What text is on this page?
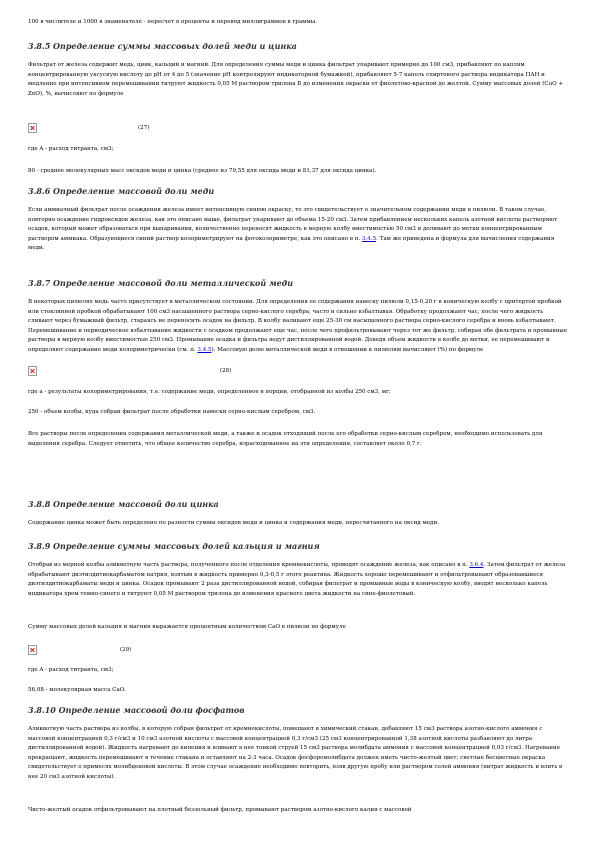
100 в числителе и 1000 в знаменателе - пересчет в проценты и перевод миллиграммов в граммы.

3.8.5 Определение суммы массовых долей меди и цинка

Фильтрат от железа содержит медь, цинк, кальций и магний. Для определения суммы меди и цинка фильтрат упаривают примерно до 100 см3, прибавляют по каплям концентрированную уксусную кислоту до pH от 4 до 5 (значение pH контролируют индикаторной бумажкой), прибавляют 5-7 капель спиртового раствора индикатора ПАН и медленно при интенсивном перемешивании титруют жидкость 0,05 М раствором трилона Б до изменения окраски от фиолетово-красной до желтой. Сумму массовых долей (CuO + ZnO), %, вычисляют по формуле

(27)

где A - расход титранта, см3;

80 - среднее молекулярных масс оксидов меди и цинка (среднее из 79,55 для оксида меди и 81,37 для оксида цинка).

3.8.6 Определение массовой доли меди

Если аммиачный фильтрат после осаждения железа имеет интенсивную синюю окраску, то это свидетельствует о значительном содержании меди в пилюли. В таком случае, повторно осаждение гидроксидов железа, как это описано выше, фильтрат упаривают до объема 15-20 см3. Затем прибавлением нескольких капель азотной кислоты растворяют осадок, который может образоваться при выпаривании, количественно переносят жидкость в мерную колбу вместимостью 50 см3 и доливают до метки концентрированным раствором аммиака. Образующиеся синий раствор колориметрируют на фотоколориметре, как это описано в п. 3.4.5. Там же приведена и формула для вычисления содержания меди.

3.8.7 Определение массовой доли металлической меди

В некоторых пилюлях медь часто присутствует в металлическом состоянии. Для определения ее содержания навеску пилюли 0,15-0,20 г в коническую колбу с притертой пробкой или стеклянной пробкой обрабатывают 100 см3 насыщенного раствора серно-кислого серебра, часто и сильно взбалтывая. Обработку продолжают час, после чего жидкость сливают через бумажный фильтр, стараясь не переносить осадок на фильтр. В колбу наливают еще 25-30 см насыщенного раствора серно-кислого серебра и вновь взбалтывают. Перемешивание и периодическое взбалтывание жидкости с осадком продолжают еще час, после чего профильтровывают через тот же фильтр, собирая обе фильтрата и промывные растворы в мерную колбу вместимостью 250 см3. Промывание осадка и фильтра ведут дистиллированной водой. Доведя объем жидкости в колбе до метки, ее перемешивают и определяют содержание меди колориметрически (см. п. 3.4.5). Массовую долю металлической меди в отношении к пилюлям вычисляют (%) по формуле

(28)

где a - результаты колориметрирования, т.е. содержание меди, определенное в порции, отобранной из колбы 250 см3, мг;

250 - объем колбы, куда собран фильтрат после обработки навески серно-кислым серебром, см3.

Все растворы после определения содержания металлической меди, а также и осадок отходящий после его обработки серно-кислым серебром, необходимо использовать для выделения серебра. Следует отметить, что общее количество серебра, израсходованное на эти определения, составляет около 0,7 г.

3.8.8 Определение массовой доли цинка

Содержание цинка может быть определено по разности суммы оксидов меди и цинка и содержания меди, пересчитанного на оксид меди.

3.8.9 Определение суммы массовых долей кальция и магния

Отобрав из мерной колбы аликвотную часть раствора, полученного после отделения кремнекислоты, проводят осаждение железа, как описано в п. 3.6.4. Затем фильтрат от железа обрабатывают диэтилдитиокарбаматом натрия, взятым в жидкость примерно 0,3-0,5 г этого реактива. Жидкость хорошо перемешивают и отфильтровывают образовавшиеся диэтилдитиокарбаматы меди и цинка. Осадок промывают 2 раза дистиллированной водой, собирая фильтрат и промывные воды в коническую колбу, вводят несколько капель индикатора хром темно-синего и титруют 0,05 М раствором трилона до изменения красного цвета жидкости на сине-фиолетовый.

Сумму массовых долей кальция и магния выражается процентным количеством CaO в пилюли по формуле

(29)

где A - расход титранта, см3;

56,08 - молекулярная масса CaO.

3.8.10 Определение массовой доли фосфатов

Аликвотную часть раствора из колбы, в которую собран фильтрат от кремнекислоты, помещают в химический стакан, добавляют 15 см3 раствора азотно-кислого аммония с массовой концентрацией 0,3 г/см3 и 10 см3 азотной кислоты с массовой концентрацией 0,3 г/см3 (25 см3 концентрированной 1,38 азотной кислоты разбавляют до литра дистиллированной водой). Жидкость нагревают до кипения и вливают в нее тонкой струей 15 см3 раствора молибдата аммония с массовой концентрацией 0,03 г/см3. Нагревание прекращают, жидкость перемешивают в течение стакана и оставляют на 2-3 часа. Осадок фосфоромолибдата должен иметь чисто-желтый цвет; светлые бесцветные окраска свидетельствует о примесях молибденовой кислоты. В этом случае осаждение необходимо повторить, взяв другую пробу или раствором солей аммония (нитрат жидкость и влить в нее 20 см3 азотной кислоты).

Чисто-желтый осадок отфильтровывают на плотный беззольный фильтр, промывают раствором азотно-кислого калия с массовой
